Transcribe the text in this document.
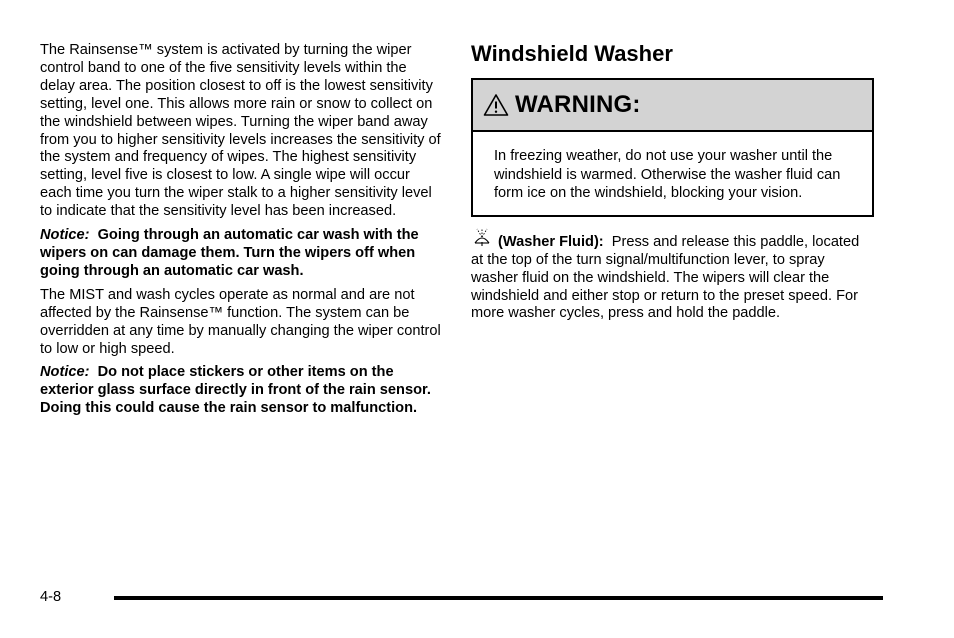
The Rainsense™ system is activated by turning the wiper control band to one of the five sensitivity levels within the delay area. The position closest to off is the lowest sensitivity setting, level one. This allows more rain or snow to collect on the windshield between wipes. Turning the wiper band away from you to higher sensitivity levels increases the sensitivity of the system and frequency of wipes. The highest sensitivity setting, level five is closest to low. A single wipe will occur each time you turn the wiper stalk to a higher sensitivity level to indicate that the sensitivity level has been increased.

Notice: Going through an automatic car wash with the wipers on can damage them. Turn the wipers off when going through an automatic car wash.

The MIST and wash cycles operate as normal and are not affected by the Rainsense™ function. The system can be overridden at any time by manually changing the wiper control to low or high speed.

Notice: Do not place stickers or other items on the exterior glass surface directly in front of the rain sensor. Doing this could cause the rain sensor to malfunction.

Windshield Washer
WARNING:
In freezing weather, do not use your washer until the windshield is warmed. Otherwise the washer fluid can form ice on the windshield, blocking your vision.
(Washer Fluid): Press and release this paddle, located at the top of the turn signal/multifunction lever, to spray washer fluid on the windshield. The wipers will clear the windshield and either stop or return to the preset speed. For more washer cycles, press and hold the paddle.
4-8
